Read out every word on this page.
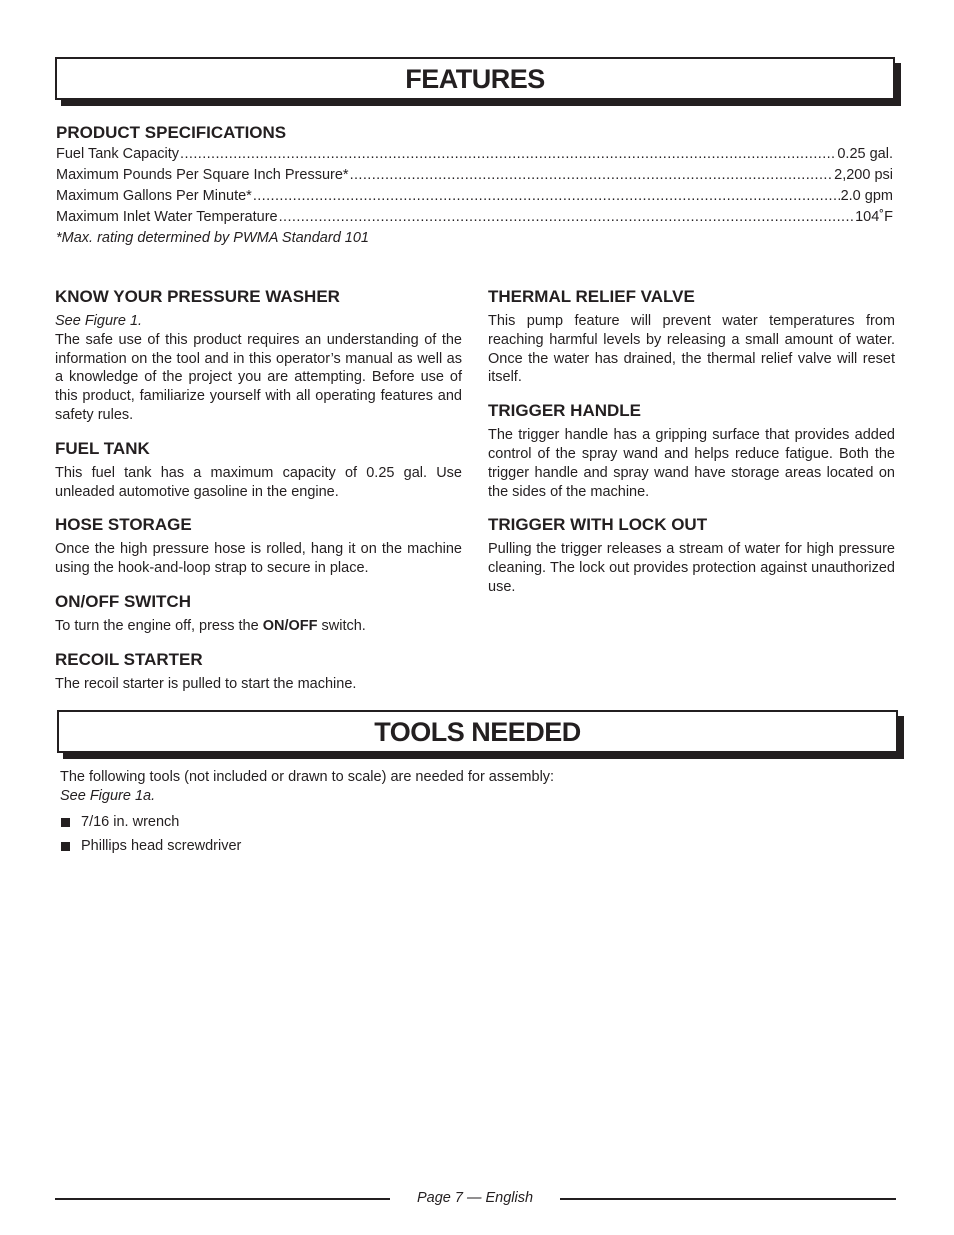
FEATURES
PRODUCT SPECIFICATIONS
Fuel Tank Capacity .....	0.25 gal.
Maximum Pounds Per Square Inch Pressure* .....	2,200 psi
Maximum Gallons Per Minute* .....	2.0 gpm
Maximum Inlet Water Temperature .....	104˚F
*Max. rating determined by PWMA Standard 101
KNOW YOUR PRESSURE WASHER

See Figure 1.
The safe use of this product requires an understanding of the information on the tool and in this operator’s manual as well as a knowledge of the project you are attempting. Before use of this product, familiarize yourself with all operating features and safety rules.

FUEL TANK

This fuel tank has a maximum capacity of 0.25 gal. Use unleaded automotive gasoline in the engine.

HOSE STORAGE

Once the high pressure hose is rolled, hang it on the machine using the hook-and-loop strap to secure in place.

ON/OFF SWITCH

To turn the engine off, press the ON/OFF switch.

RECOIL STARTER

The recoil starter is pulled to start the machine.

THERMAL RELIEF VALVE

This pump feature will prevent water temperatures from reaching harmful levels by releasing a small amount of water. Once the water has drained, the thermal relief valve will reset itself.

TRIGGER HANDLE

The trigger handle has a gripping surface that provides added control of the spray wand and helps reduce fatigue. Both the trigger handle and spray wand have storage areas located on the sides of the machine.

TRIGGER WITH LOCK OUT

Pulling the trigger releases a stream of water for high pressure cleaning. The lock out provides protection against unauthorized use.

TOOLS NEEDED
The following tools (not included or drawn to scale) are needed for assembly:
See Figure 1a.
7/16 in. wrench
Phillips head screwdriver
Page 7 — English
